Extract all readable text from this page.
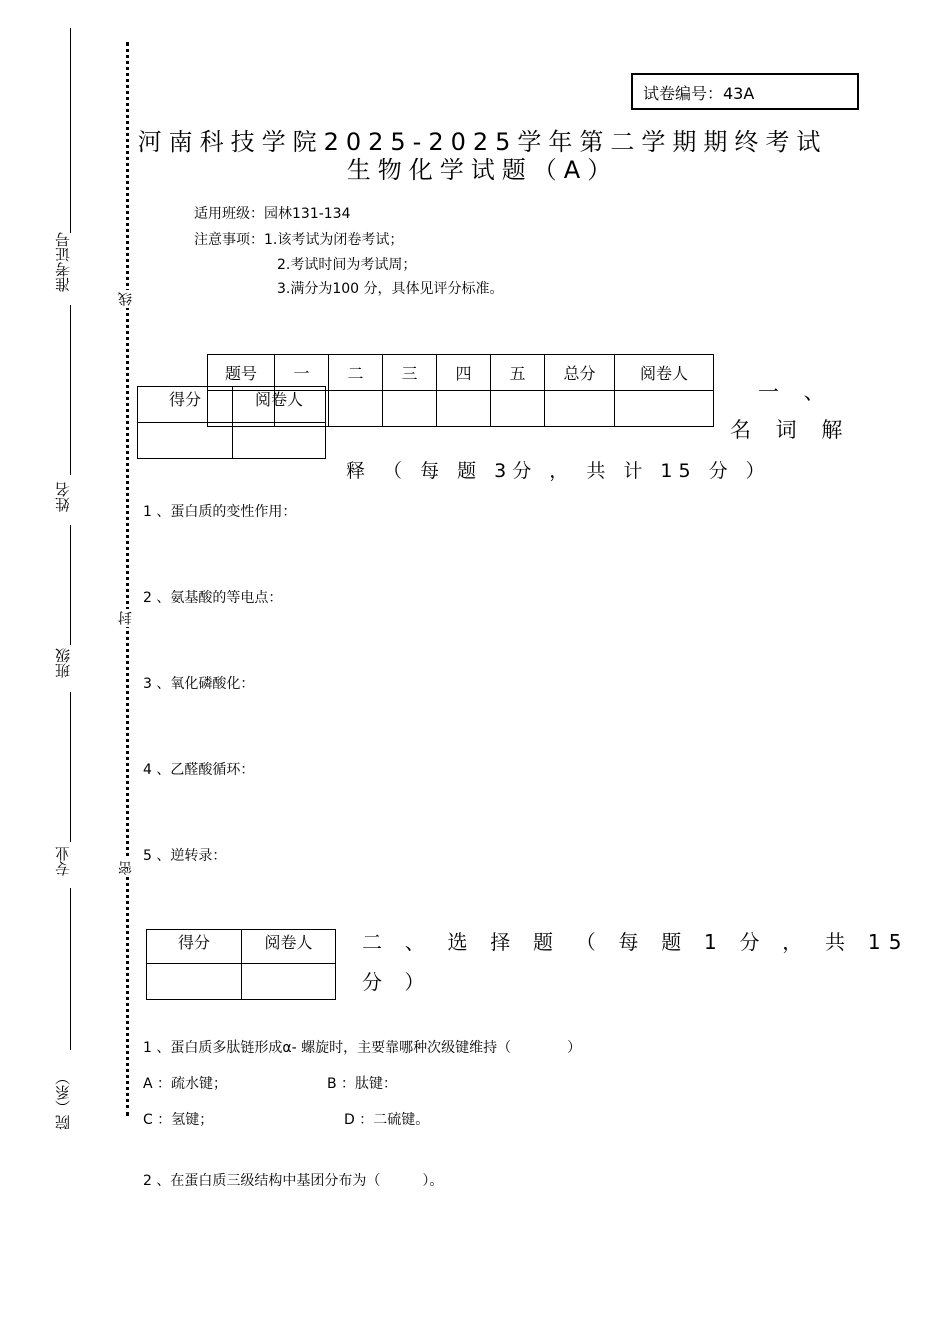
准考证号
姓名
班级
专业
院（系）
线
封
密
试卷编号：43A
河南科技学院2025-2025学年第二学期期终考试
生物化学试题（A）
适用班级：园林131-134
注意事项：1.该考试为闭卷考试；
2.考试时间为考试周；
3.满分为100 分，具体见评分标准。
题号	一	二	三	四	五	总分	阅卷人

得分	阅卷人
		一 、
名 词 解
释 （ 每 题 3分 ， 共 计 15 分 ）
1 、蛋白质的变性作用：
2 、氨基酸的等电点：
3 、氧化磷酸化：
4 、乙醛酸循环：
5 、逆转录：
得分	阅卷人
	二 、 选 择 题 （ 每 题 1 分 ， 共 15
分 ）
1 、蛋白质多肽链形成α- 螺旋时，主要靠哪种次级键维持（　　　　）
A ：疏水键；	B ：肽键：
C ：氢键；	D ：二硫键。
2 、在蛋白质三级结构中基团分布为（　　　）。
